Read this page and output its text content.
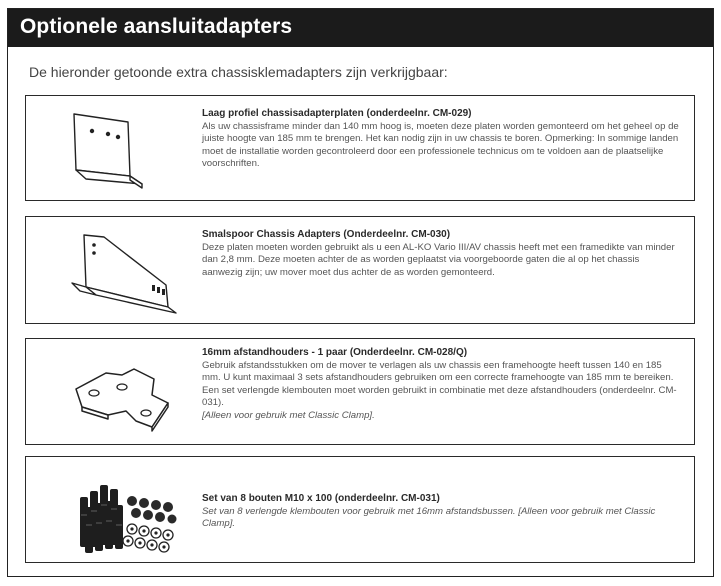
Optionele aansluitadapters
De hieronder getoonde extra chassisklemadapters zijn verkrijgbaar:
Laag profiel chassisadapterplaten (onderdeelnr. CM-029)
Als uw chassisframe minder dan 140 mm hoog is, moeten deze platen worden gemonteerd om het geheel op de juiste hoogte van 185 mm te brengen. Het kan nodig zijn in uw chassis te boren. Opmerking: In sommige landen moet de installatie worden gecontroleerd door een professionele technicus om te voldoen aan de plaatselijke voorschriften.
Smalspoor Chassis Adapters (Onderdeelnr. CM-030)
Deze platen moeten worden gebruikt als u een AL-KO Vario III/AV chassis heeft met een framedikte van minder dan 2,8 mm. Deze moeten achter de as worden geplaatst via voorgeboorde gaten die al op het chassis aanwezig zijn; uw mover moet dus achter de as worden gemonteerd.
16mm afstandhouders - 1 paar (Onderdeelnr. CM-028/Q)
Gebruik afstandsstukken om de mover te verlagen als uw chassis een framehoogte heeft tussen 140 en 185 mm. U kunt maximaal 3 sets afstandhouders gebruiken om een correcte framehoogte van 185 mm te bereiken. Een set verlengde klembouten moet worden gebruikt in combinatie met deze afstandhouders (onderdeelnr. CM-031).
[Alleen voor gebruik met Classic Clamp].
Set van 8 bouten M10 x 100 (onderdeelnr. CM-031)
Set van 8 verlengde klembouten voor gebruik met 16mm afstandsbussen. [Alleen voor gebruik met Classic Clamp].
